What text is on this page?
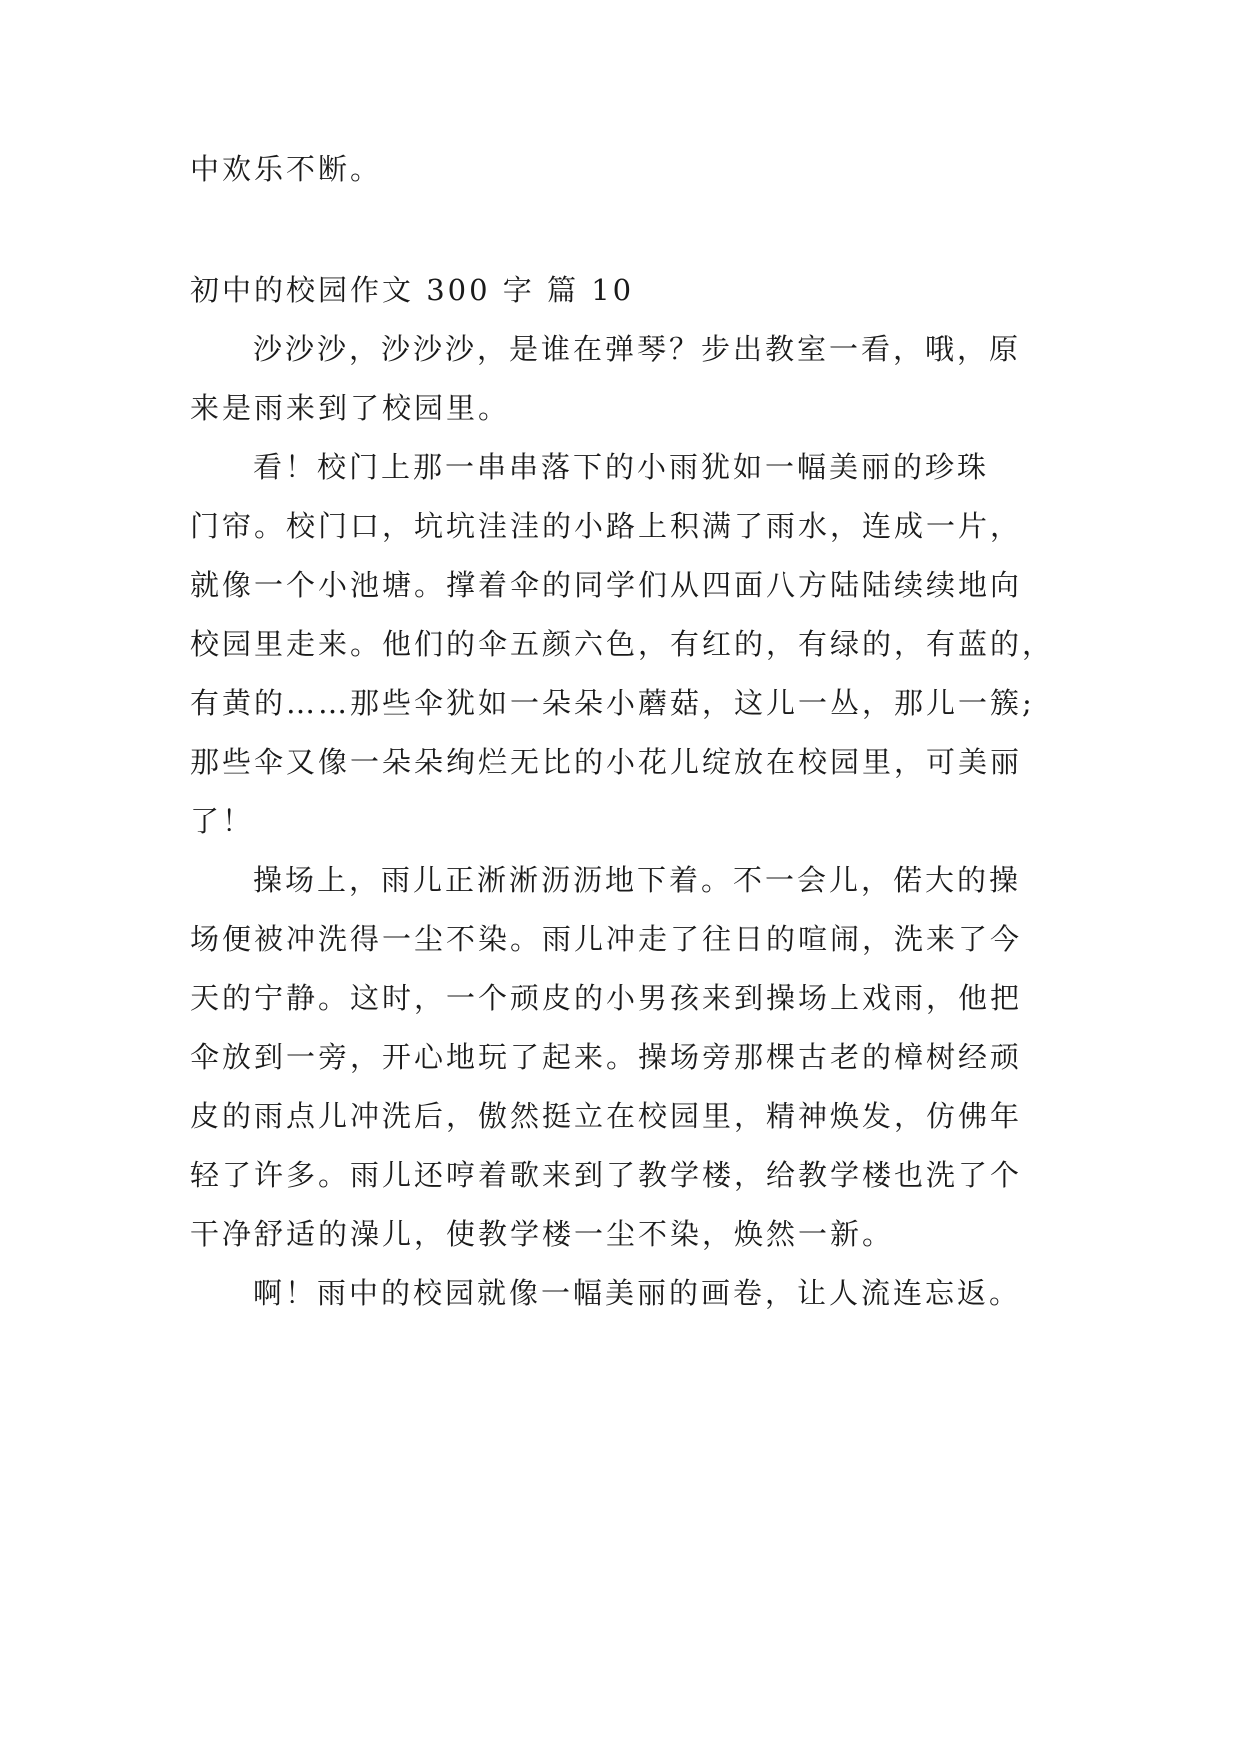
中欢乐不断。
初中的校园作文 300 字 篇 10
沙沙沙，沙沙沙，是谁在弹琴？步出教室一看，哦，原
来是雨来到了校园里。
看！校门上那一串串落下的小雨犹如一幅美丽的珍珠
门帘。校门口，坑坑洼洼的小路上积满了雨水，连成一片，
就像一个小池塘。撑着伞的同学们从四面八方陆陆续续地向
校园里走来。他们的伞五颜六色，有红的，有绿的，有蓝的，
有黄的……那些伞犹如一朵朵小蘑菇，这儿一丛，那儿一簇;
那些伞又像一朵朵绚烂无比的小花儿绽放在校园里，可美丽
了！
操场上，雨儿正淅淅沥沥地下着。不一会儿，偌大的操
场便被冲洗得一尘不染。雨儿冲走了往日的喧闹，洗来了今
天的宁静。这时，一个顽皮的小男孩来到操场上戏雨，他把
伞放到一旁，开心地玩了起来。操场旁那棵古老的樟树经顽
皮的雨点儿冲洗后，傲然挺立在校园里，精神焕发，仿佛年
轻了许多。雨儿还哼着歌来到了教学楼，给教学楼也洗了个
干净舒适的澡儿，使教学楼一尘不染，焕然一新。
啊！雨中的校园就像一幅美丽的画卷，让人流连忘返。
